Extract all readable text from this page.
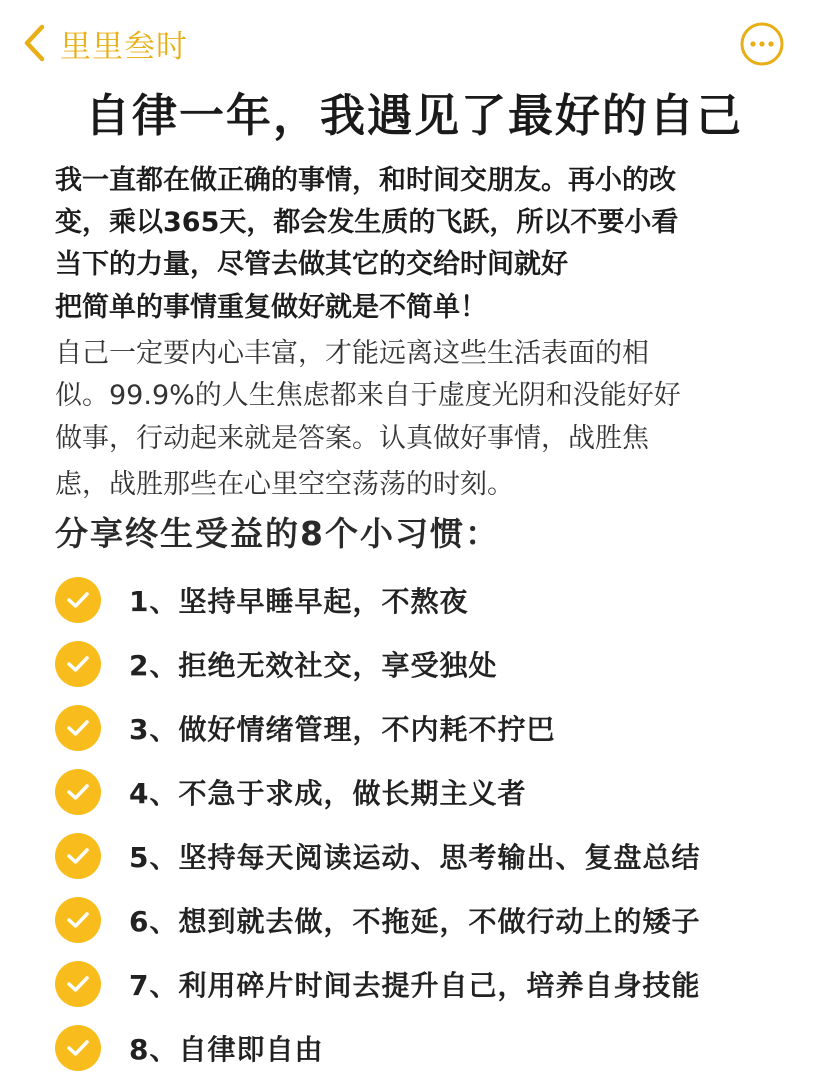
里里叁时
自律一年，我遇见了最好的自己

我一直都在做正确的事情，和时间交朋友。再小的改

变，乘以365天，都会发生质的飞跃，所以不要小看

当下的力量，尽管去做其它的交给时间就好

把简单的事情重复做好就是不简单！

自己一定要内心丰富，才能远离这些生活表面的相

似。99.9%的人生焦虑都来自于虚度光阴和没能好好

做事，行动起来就是答案。认真做好事情，战胜焦

虑，战胜那些在心里空空荡荡的时刻。

分享终生受益的8个小习惯：
1、坚持早睡早起，不熬夜
2、拒绝无效社交，享受独处
3、做好情绪管理，不内耗不拧巴
4、不急于求成，做长期主义者
5、坚持每天阅读运动、思考输出、复盘总结
6、想到就去做，不拖延，不做行动上的矮子
7、利用碎片时间去提升自己，培养自身技能
8、自律即自由
